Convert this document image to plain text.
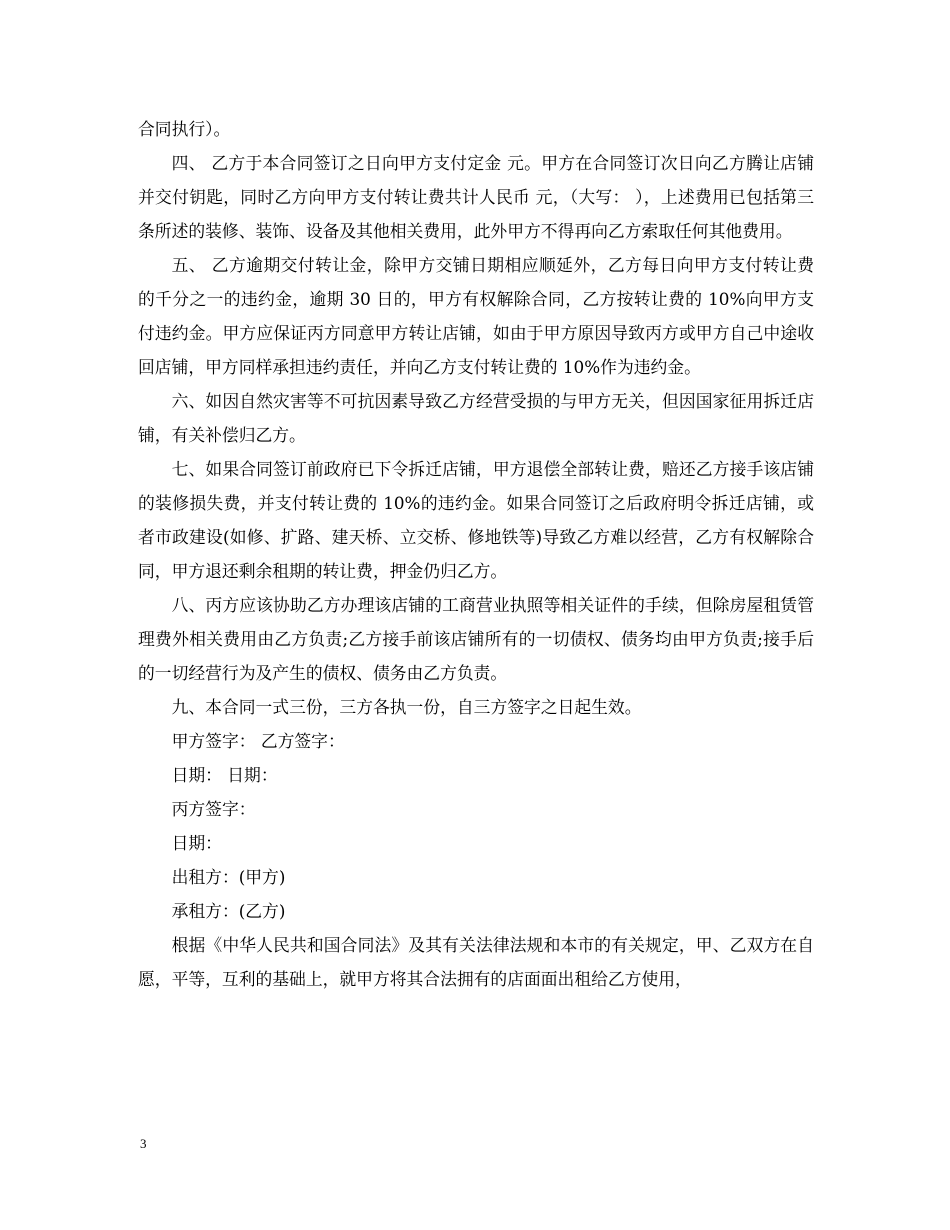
合同执行）。

四、 乙方于本合同签订之日向甲方支付定金 元。甲方在合同签订次日向乙方腾让店铺并交付钥匙，同时乙方向甲方支付转让费共计人民币 元，（大写： ），上述费用已包括第三条所述的装修、装饰、设备及其他相关费用，此外甲方不得再向乙方索取任何其他费用。

五、 乙方逾期交付转让金，除甲方交铺日期相应顺延外，乙方每日向甲方支付转让费的千分之一的违约金，逾期 30 日的，甲方有权解除合同，乙方按转让费的 10%向甲方支付违约金。甲方应保证丙方同意甲方转让店铺，如由于甲方原因导致丙方或甲方自己中途收回店铺，甲方同样承担违约责任，并向乙方支付转让费的 10%作为违约金。

六、如因自然灾害等不可抗因素导致乙方经营受损的与甲方无关，但因国家征用拆迁店铺，有关补偿归乙方。

七、如果合同签订前政府已下令拆迁店铺，甲方退偿全部转让费，赔还乙方接手该店铺的装修损失费，并支付转让费的 10%的违约金。如果合同签订之后政府明令拆迁店铺，或者市政建设(如修、扩路、建天桥、立交桥、修地铁等)导致乙方难以经营，乙方有权解除合同，甲方退还剩余租期的转让费，押金仍归乙方。

八、丙方应该协助乙方办理该店铺的工商营业执照等相关证件的手续，但除房屋租赁管理费外相关费用由乙方负责;乙方接手前该店铺所有的一切债权、债务均由甲方负责;接手后的一切经营行为及产生的债权、债务由乙方负责。

九、本合同一式三份，三方各执一份，自三方签字之日起生效。

甲方签字： 乙方签字：

日期： 日期：

丙方签字：

日期：

出租方：(甲方)

承租方：(乙方)

根据《中华人民共和国合同法》及其有关法律法规和本市的有关规定，甲、乙双方在自愿，平等，互利的基础上，就甲方将其合法拥有的店面面出租给乙方使用，

3
